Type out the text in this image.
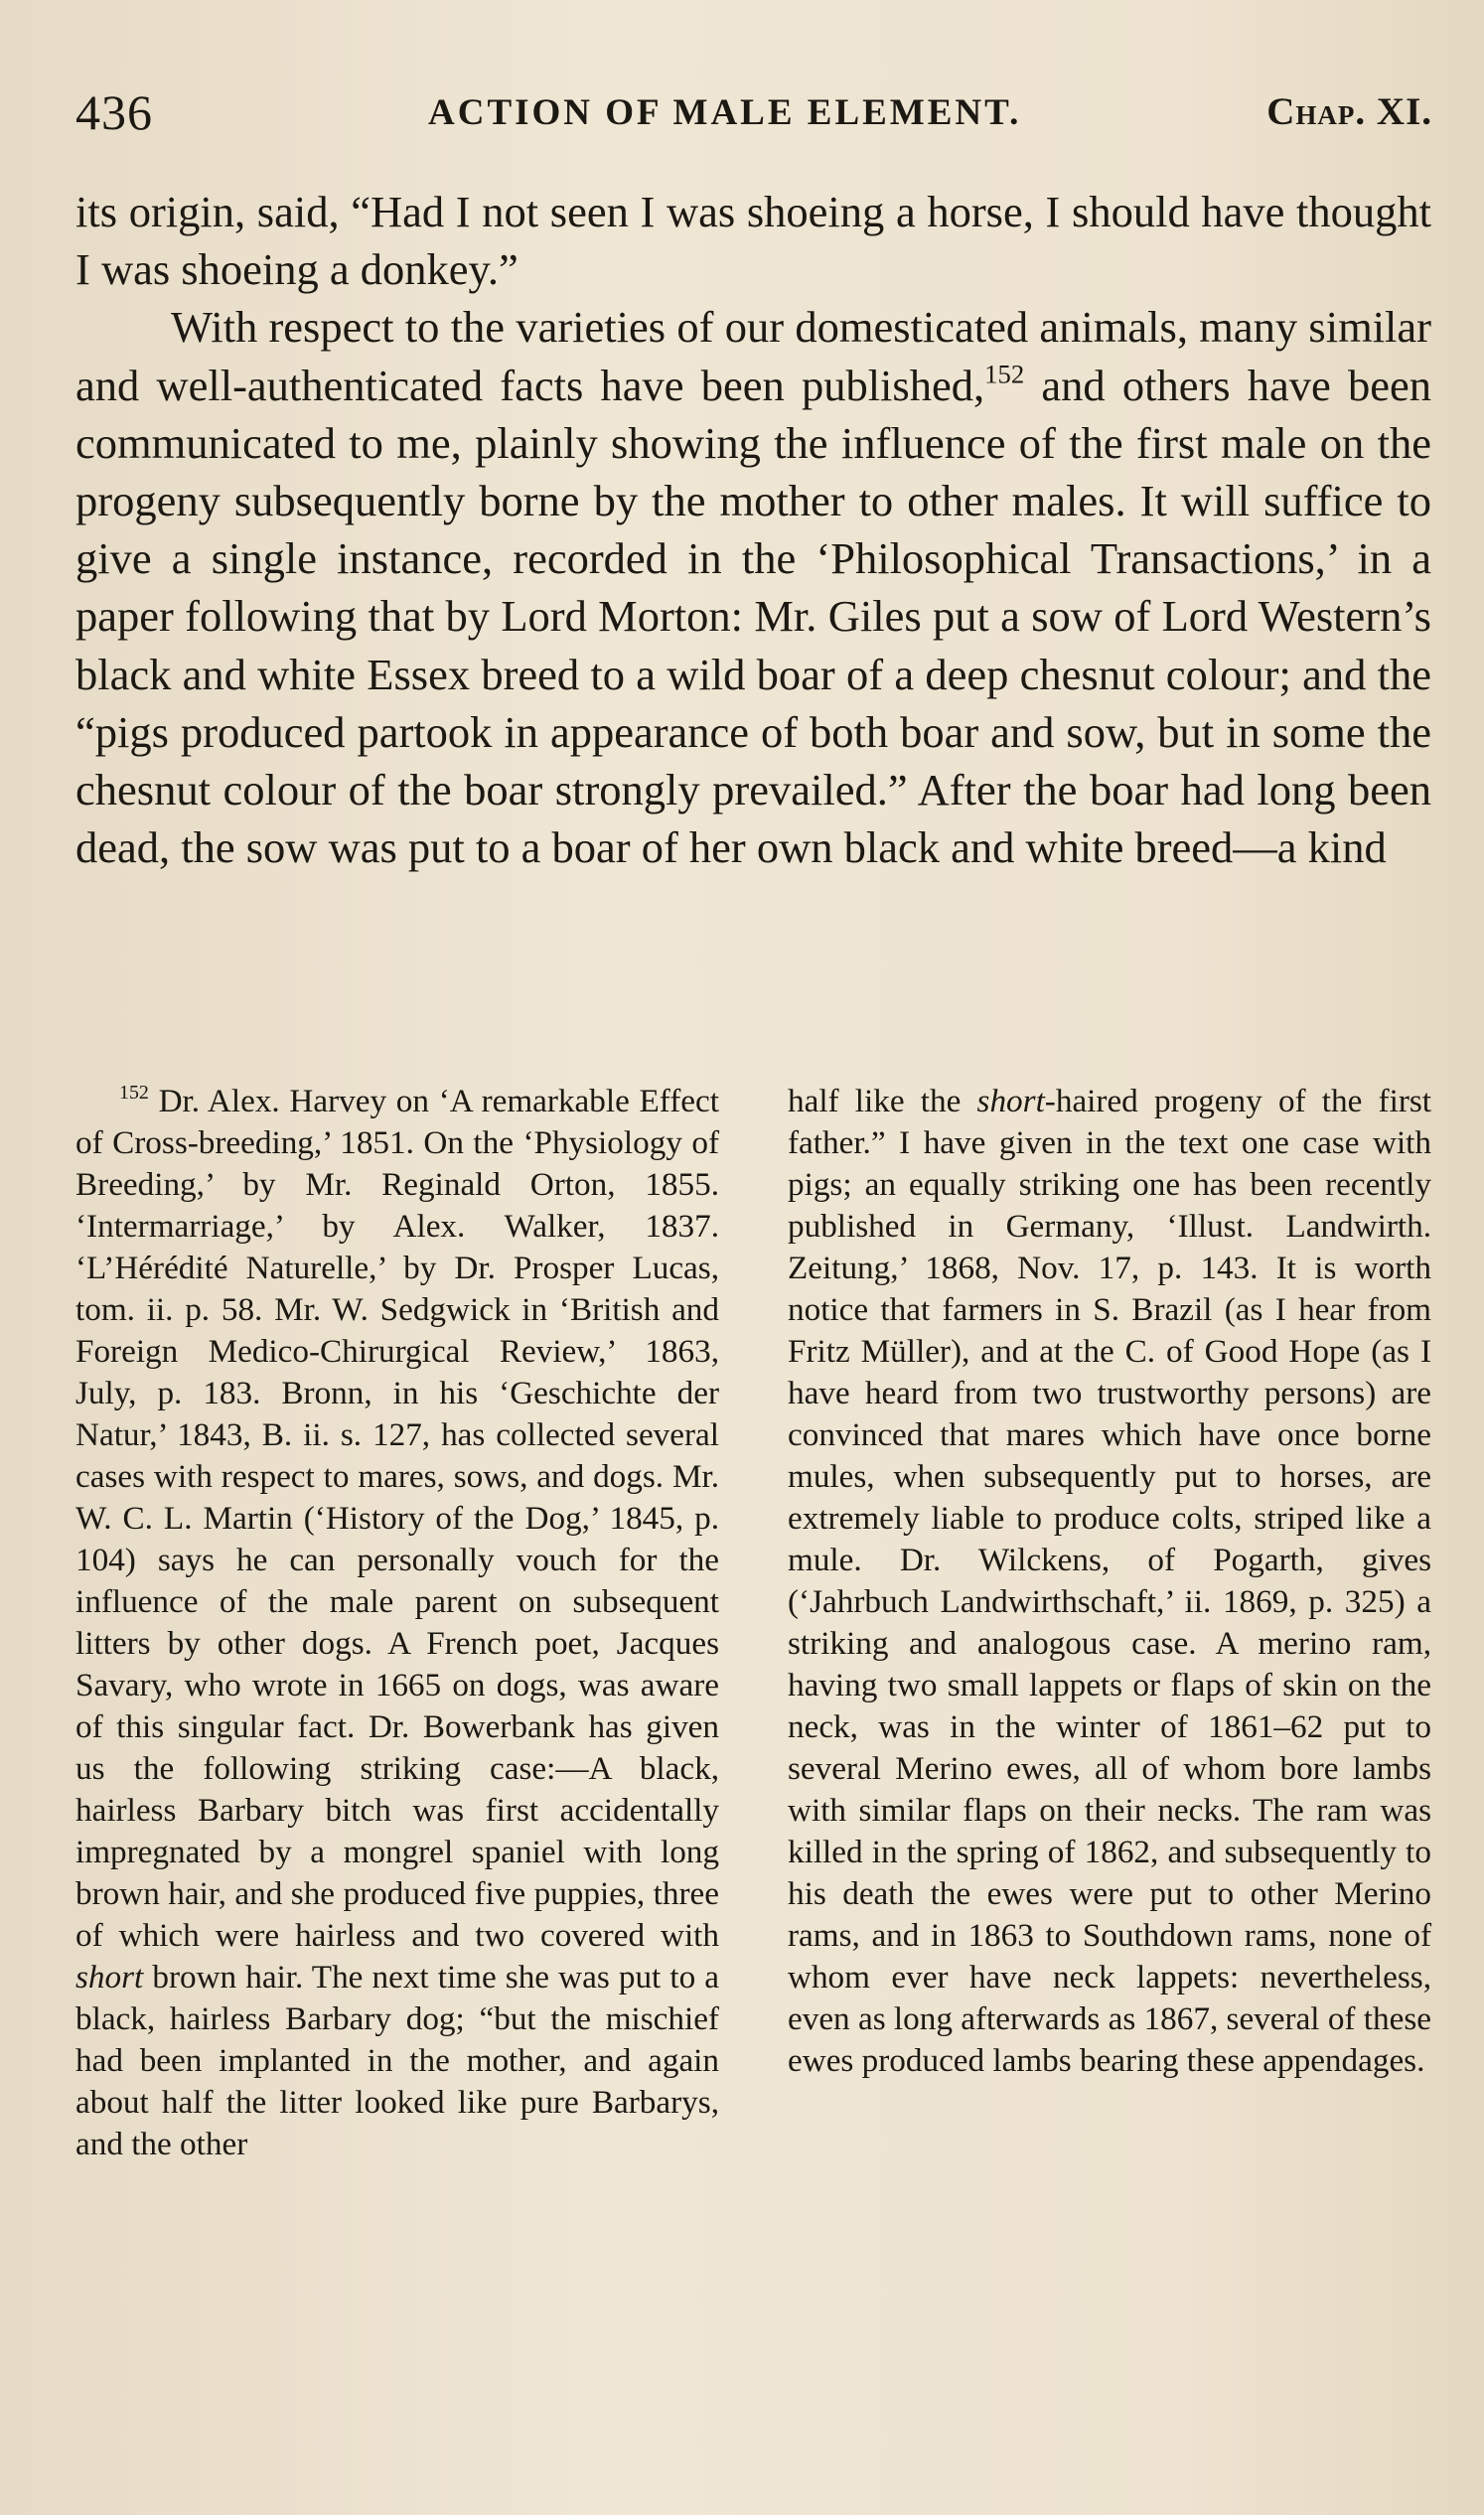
436	ACTION OF MALE ELEMENT.	Chap. XI.

its origin, said, “Had I not seen I was shoeing a horse, I should have thought I was shoeing a donkey.”

With respect to the varieties of our domesticated animals, many similar and well-authenticated facts have been published,$^{152}$ and others have been communicated to me, plainly showing the influence of the first male on the progeny subsequently borne by the mother to other males. It will suffice to give a single instance, recorded in the ‘Philosophical Transactions,’ in a paper following that by Lord Morton: Mr. Giles put a sow of Lord Western’s black and white Essex breed to a wild boar of a deep chesnut colour; and the “pigs produced partook in appearance of both boar and sow, but in some the chesnut colour of the boar strongly prevailed.” After the boar had long been dead, the sow was put to a boar of her own black and white breed—a kind

$^{152}$ Dr. Alex. Harvey on ‘A remarkable Effect of Cross-breeding,’ 1851. On the ‘Physiology of Breeding,’ by Mr. Reginald Orton, 1855. ‘Intermarriage,’ by Alex. Walker, 1837. ‘L’Hérédité Naturelle,’ by Dr. Prosper Lucas, tom. ii. p. 58. Mr. W. Sedgwick in ‘British and Foreign Medico-Chirurgical Review,’ 1863, July, p. 183. Bronn, in his ‘Geschichte der Natur,’ 1843, B. ii. s. 127, has collected several cases with respect to mares, sows, and dogs. Mr. W. C. L. Martin (‘History of the Dog,’ 1845, p. 104) says he can personally vouch for the influence of the male parent on subsequent litters by other dogs. A French poet, Jacques Savary, who wrote in 1665 on dogs, was aware of this singular fact. Dr. Bowerbank has given us the following striking case:—A black, hairless Barbary bitch was first accidentally impregnated by a mongrel spaniel with long brown hair, and she produced five puppies, three of which were hairless and two covered with short brown hair. The next time she was put to a black, hairless Barbary dog; “but the mischief had been implanted in the mother, and again about half the litter looked like pure Barbarys, and the other

half like the short-haired progeny of the first father.” I have given in the text one case with pigs; an equally striking one has been recently published in Germany, ‘Illust. Landwirth. Zeitung,’ 1868, Nov. 17, p. 143. It is worth notice that farmers in S. Brazil (as I hear from Fritz Müller), and at the C. of Good Hope (as I have heard from two trustworthy persons) are convinced that mares which have once borne mules, when subsequently put to horses, are extremely liable to produce colts, striped like a mule. Dr. Wilckens, of Pogarth, gives (‘Jahrbuch Landwirthschaft,’ ii. 1869, p. 325) a striking and analogous case. A merino ram, having two small lappets or flaps of skin on the neck, was in the winter of 1861–62 put to several Merino ewes, all of whom bore lambs with similar flaps on their necks. The ram was killed in the spring of 1862, and subsequently to his death the ewes were put to other Merino rams, and in 1863 to Southdown rams, none of whom ever have neck lappets: nevertheless, even as long afterwards as 1867, several of these ewes produced lambs bearing these appendages.
